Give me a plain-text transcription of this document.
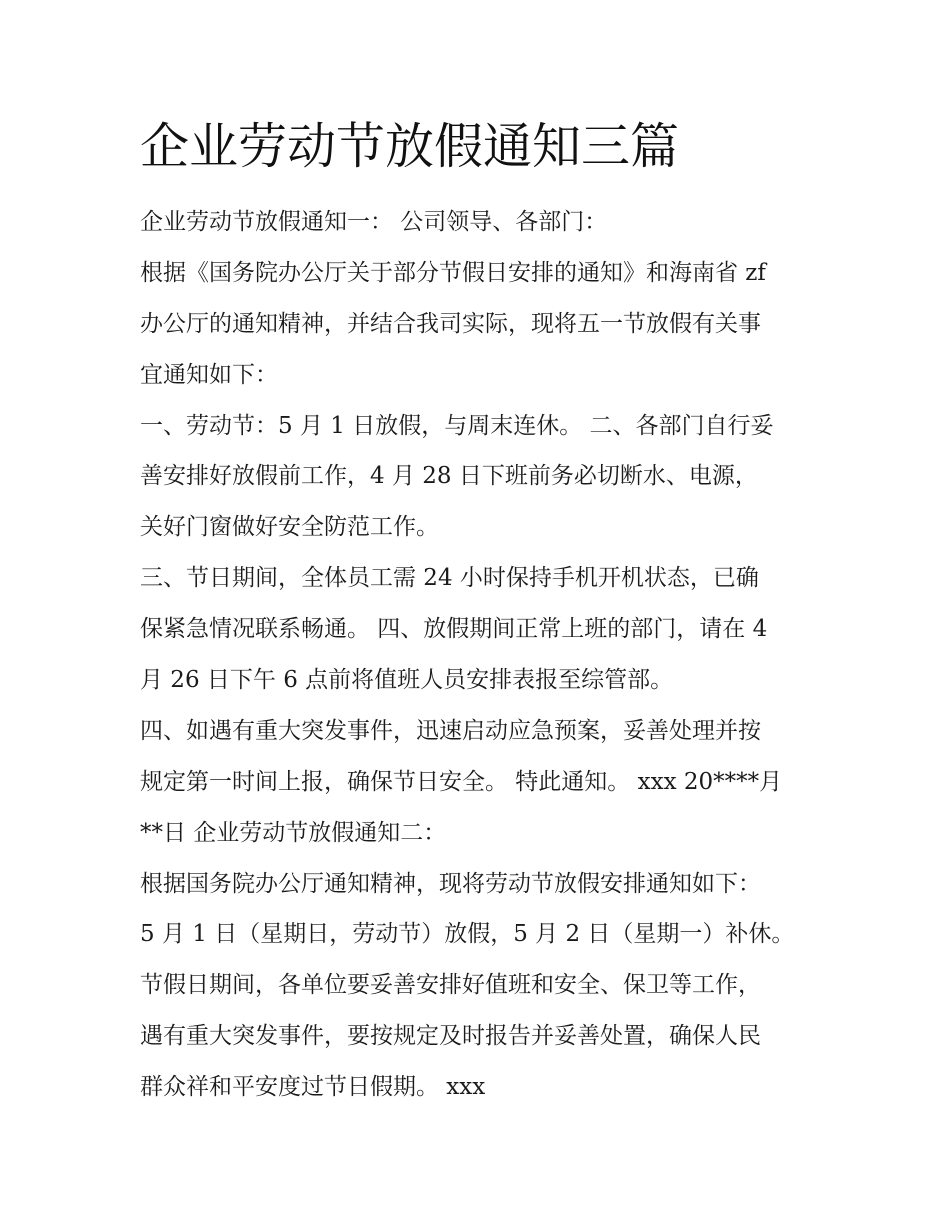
企业劳动节放假通知三篇
企业劳动节放假通知一： 公司领导、各部门：
根据《国务院办公厅关于部分节假日安排的通知》和海南省 zf
办公厅的通知精神，并结合我司实际，现将五一节放假有关事
宜通知如下：
一、劳动节：5 月 1 日放假，与周末连休。 二、各部门自行妥
善安排好放假前工作，4 月 28 日下班前务必切断水、电源，
关好门窗做好安全防范工作。
三、节日期间，全体员工需 24 小时保持手机开机状态，已确
保紧急情况联系畅通。 四、放假期间正常上班的部门，请在 4
月 26 日下午 6 点前将值班人员安排表报至综管部。
四、如遇有重大突发事件，迅速启动应急预案，妥善处理并按
规定第一时间上报，确保节日安全。 特此通知。 xxx 20****月
**日 企业劳动节放假通知二：
根据国务院办公厅通知精神，现将劳动节放假安排通知如下：
5 月 1 日（星期日，劳动节）放假，5 月 2 日（星期一）补休。
节假日期间，各单位要妥善安排好值班和安全、保卫等工作，
遇有重大突发事件，要按规定及时报告并妥善处置，确保人民
群众祥和平安度过节日假期。 xxx
